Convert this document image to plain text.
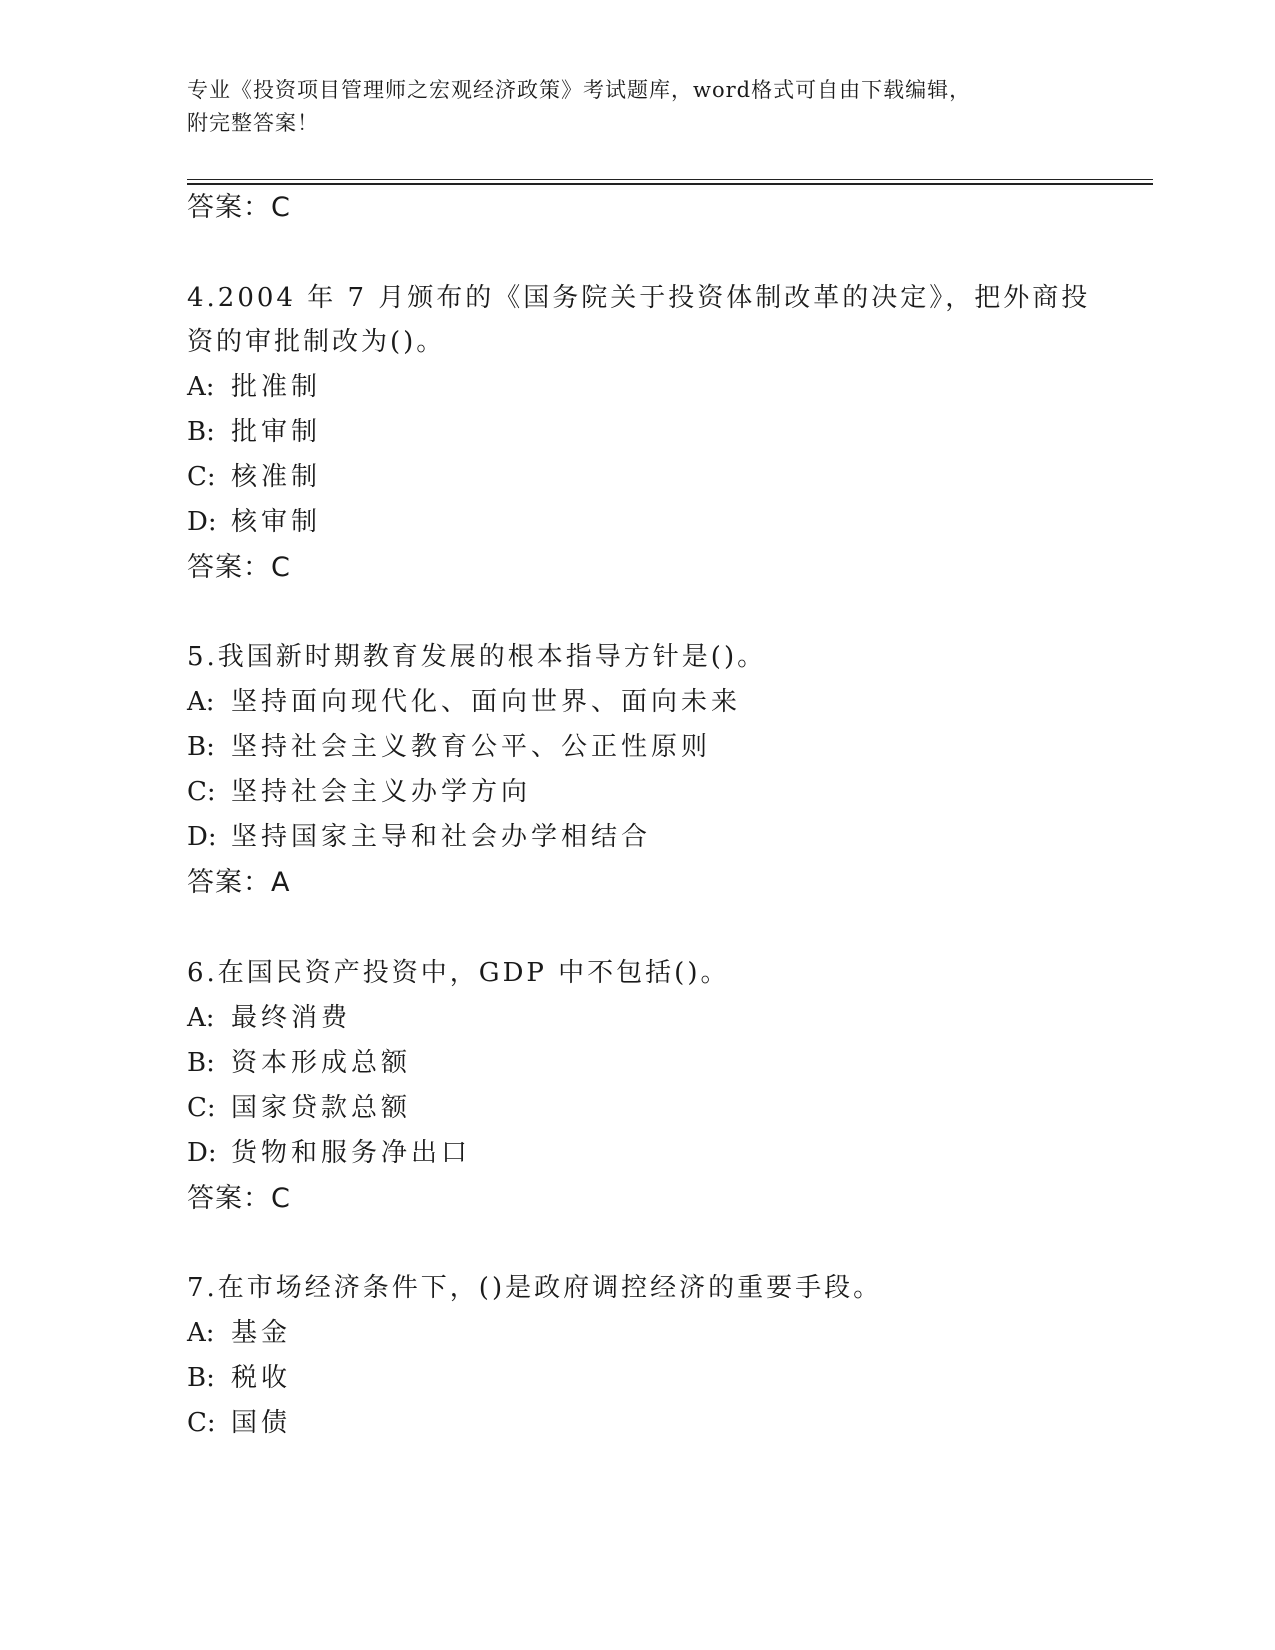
专业《投资项目管理师之宏观经济政策》考试题库，word格式可自由下载编辑，
附完整答案！
答案：C
4.2004 年 7 月颁布的《国务院关于投资体制改革的决定》，把外商投
资的审批制改为()。
A: 批准制
B: 批审制
C: 核准制
D: 核审制
答案：C
5.我国新时期教育发展的根本指导方针是()。
A: 坚持面向现代化、面向世界、面向未来
B: 坚持社会主义教育公平、公正性原则
C: 坚持社会主义办学方向
D: 坚持国家主导和社会办学相结合
答案：A
6.在国民资产投资中，GDP 中不包括()。
A: 最终消费
B: 资本形成总额
C: 国家贷款总额
D: 货物和服务净出口
答案：C
7.在市场经济条件下，()是政府调控经济的重要手段。
A: 基金
B: 税收
C: 国债
